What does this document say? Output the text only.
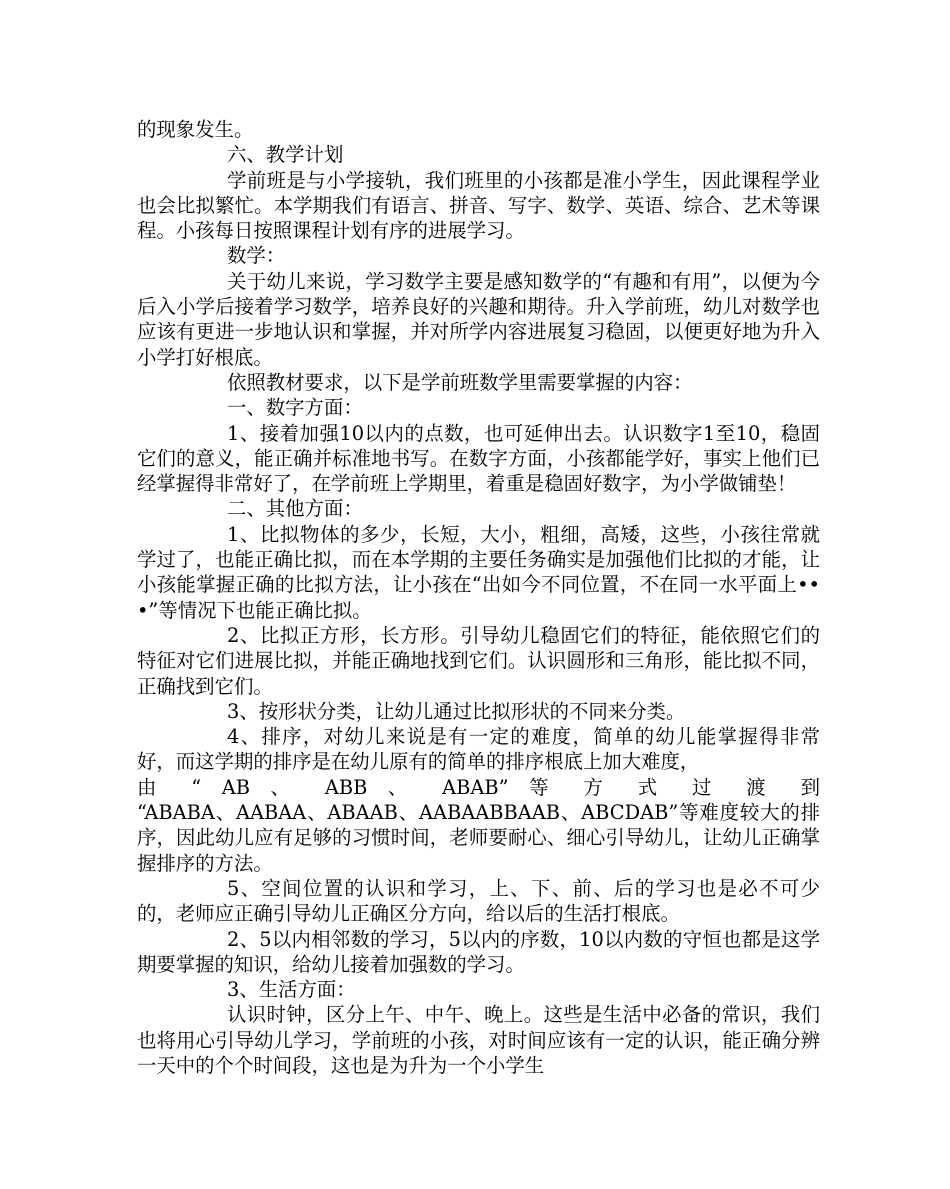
的现象发生。

六、教学计划

学前班是与小学接轨，我们班里的小孩都是准小学生，因此课程学业也会比拟繁忙。本学期我们有语言、拼音、写字、数学、英语、综合、艺术等课程。小孩每日按照课程计划有序的进展学习。

数学：

关于幼儿来说，学习数学主要是感知数学的“有趣和有用”，以便为今后入小学后接着学习数学，培养良好的兴趣和期待。升入学前班，幼儿对数学也应该有更进一步地认识和掌握，并对所学内容进展复习稳固，以便更好地为升入小学打好根底。

依照教材要求，以下是学前班数学里需要掌握的内容：

一、数字方面：

1、接着加强10以内的点数，也可延伸出去。认识数字1至10，稳固它们的意义，能正确并标准地书写。在数字方面，小孩都能学好，事实上他们已经掌握得非常好了，在学前班上学期里，着重是稳固好数字，为小学做铺垫！

二、其他方面：

1、比拟物体的多少，长短，大小，粗细，高矮，这些，小孩往常就学过了，也能正确比拟，而在本学期的主要任务确实是加强他们比拟的才能，让小孩能掌握正确的比拟方法，让小孩在“出如今不同位置，不在同一水平面上•••”等情况下也能正确比拟。

2、比拟正方形，长方形。引导幼儿稳固它们的特征，能依照它们的特征对它们进展比拟，并能正确地找到它们。认识圆形和三角形，能比拟不同，正确找到它们。

3、按形状分类，让幼儿通过比拟形状的不同来分类。

4、排序，对幼儿来说是有一定的难度，简单的幼儿能掌握得非常好，而这学期的排序是在幼儿原有的简单的排序根底上加大难度，

由 “ AB 、 ABB 、 ABAB” 等 方 式 过 渡 到

“ABABA、AABAA、ABAAB、AABAABBAAB、ABCDAB”等难度较大的排序，因此幼儿应有足够的习惯时间，老师要耐心、细心引导幼儿，让幼儿正确掌握排序的方法。

5、空间位置的认识和学习，上、下、前、后的学习也是必不可少的，老师应正确引导幼儿正确区分方向，给以后的生活打根底。

2、5以内相邻数的学习，5以内的序数，10以内数的守恒也都是这学期要掌握的知识，给幼儿接着加强数的学习。

3、生活方面：

认识时钟，区分上午、中午、晚上。这些是生活中必备的常识，我们也将用心引导幼儿学习，学前班的小孩，对时间应该有一定的认识，能正确分辨一天中的个个时间段，这也是为升为一个小学生
